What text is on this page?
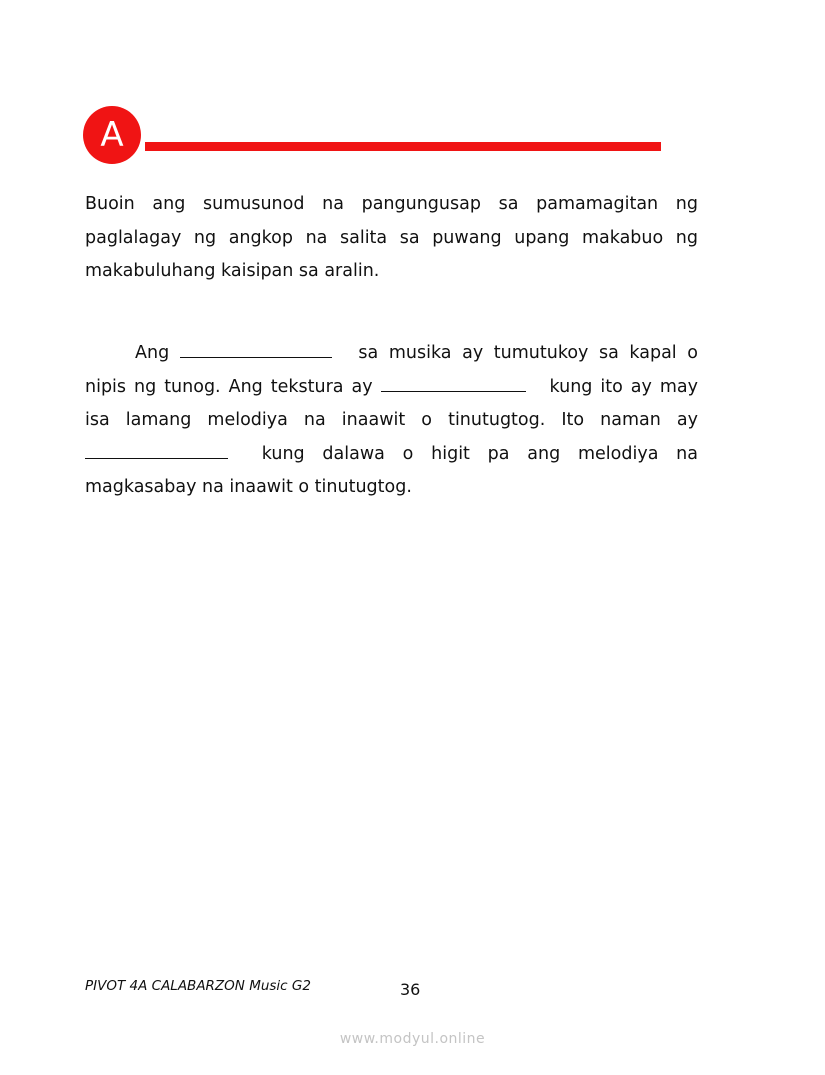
A

Buoin ang sumusunod na pangungusap sa pamamagitan ng paglalagay ng angkop na salita sa puwang upang makabuo ng makabuluhang kaisipan sa aralin.

Ang	sa musika ay tumutukoy sa kapal o nipis ng tunog. Ang tekstura ay	kung ito ay may isa lamang melodiya na inaawit o tinutugtog. Ito naman ay  kung dalawa o higit pa ang melodiya na magkasabay na inaawit o tinutugtog.

PIVOT 4A CALABARZON Music G2	36
www.modyul.online
